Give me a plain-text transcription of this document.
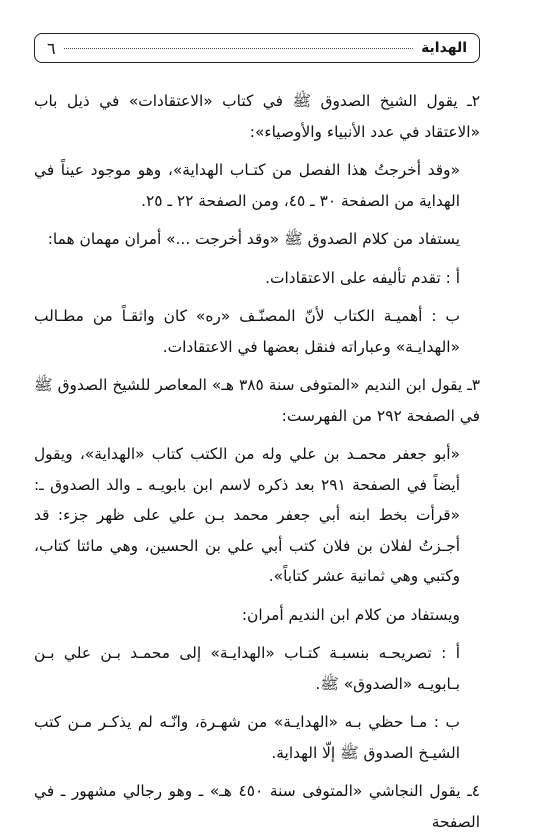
الهداية
٦

٢ـ يقول الشيخ الصدوق ﷺ في كتاب «الاعتقادات» في ذيل باب «الاعتقاد في عدد الأنبياء والأوصياء»:

«وقد أخرجتُ هذا الفصل من كتـاب الهداية»، وهو موجود عيناً في الهداية من الصفحة ٣٠ ـ ٤٥، ومن الصفحة ٢٢ ـ ٢٥.

يستفاد من كلام الصدوق ﷺ «وقد أخرجت ...» أمران مهمان هما:

أ : تقدم تأليفه على الاعتقادات.

ب : أهميـة الكتاب لأنّ المصنّـف «ره» كان واثقـاً من مطـالب «الهدايـة» وعباراته فنقل بعضها في الاعتقادات.

٣ـ يقول ابن النديم «المتوفى سنة ٣٨٥ هـ» المعاصر للشيخ الصدوق ﷺ في الصفحة ٢٩٢ من الفهرست:

«أبو جعفر محمـد بن علي وله من الكتب كتاب «الهداية»، ويقول أيضاً في الصفحة ٢٩١ بعد ذكره لاسم ابن بابويـه ـ والد الصدوق ـ: «قرأت بخط ابنه أبي جعفر محمد بـن علي على ظهر جزء: قد أجـزتُ لفلان بن فلان كتب أبي علي بن الحسين، وهي مائتا كتاب، وكتبي وهي ثمانية عشر كتاباً».

ويستفاد من كلام ابن النديم أمران:

أ : تصريحـه بنسبـة كتـاب «الهدايـة» إلى محمـد بـن علي بـن بـابويـه «الصدوق» ﷺ.

ب : مـا حظي بـه «الهدايـة» من شهـرة، وانّـه لم يذكـر مـن كتب الشيـخ الصدوق ﷺ إلّا الهداية.

٤ـ يقول النجاشي «المتوفى سنة ٤٥٠ هـ» ـ وهو رجالي مشهور ـ في الصفحة
